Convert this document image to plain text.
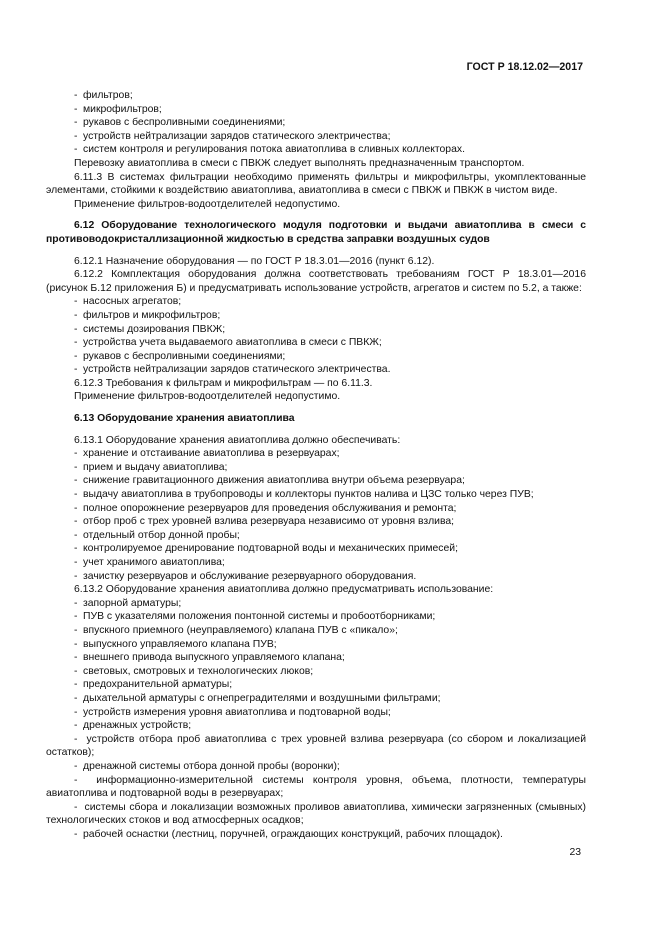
ГОСТ Р 18.12.02—2017
- фильтров;
- микрофильтров;
- рукавов с беспроливными соединениями;
- устройств нейтрализации зарядов статического электричества;
- систем контроля и регулирования потока авиатоплива в сливных коллекторах.
Перевозку авиатоплива в смеси с ПВКЖ следует выполнять предназначенным транспортом.
6.11.3 В системах фильтрации необходимо применять фильтры и микрофильтры, укомплектованные элементами, стойкими к воздействию авиатоплива, авиатоплива в смеси с ПВКЖ и ПВКЖ в чистом виде.
Применение фильтров-водоотделителей недопустимо.
6.12 Оборудование технологического модуля подготовки и выдачи авиатоплива в смеси с противоводокристаллизационной жидкостью в средства заправки воздушных судов
6.12.1 Назначение оборудования — по ГОСТ Р 18.3.01—2016 (пункт 6.12).
6.12.2 Комплектация оборудования должна соответствовать требованиям ГОСТ Р 18.3.01—2016 (рисунок Б.12 приложения Б) и предусматривать использование устройств, агрегатов и систем по 5.2, а также:
- насосных агрегатов;
- фильтров и микрофильтров;
- системы дозирования ПВКЖ;
- устройства учета выдаваемого авиатоплива в смеси с ПВКЖ;
- рукавов с беспроливными соединениями;
- устройств нейтрализации зарядов статического электричества.
6.12.3 Требования к фильтрам и микрофильтрам — по 6.11.3.
Применение фильтров-водоотделителей недопустимо.
6.13 Оборудование хранения авиатоплива
6.13.1 Оборудование хранения авиатоплива должно обеспечивать:
- хранение и отстаивание авиатоплива в резервуарах;
- прием и выдачу авиатоплива;
- снижение гравитационного движения авиатоплива внутри объема резервуара;
- выдачу авиатоплива в трубопроводы и коллекторы пунктов налива и ЦЗС только через ПУВ;
- полное опорожнение резервуаров для проведения обслуживания и ремонта;
- отбор проб с трех уровней взлива резервуара независимо от уровня взлива;
- отдельный отбор донной пробы;
- контролируемое дренирование подтоварной воды и механических примесей;
- учет хранимого авиатоплива;
- зачистку резервуаров и обслуживание резервуарного оборудования.
6.13.2 Оборудование хранения авиатоплива должно предусматривать использование:
- запорной арматуры;
- ПУВ с указателями положения понтонной системы и пробоотборниками;
- впускного приемного (неуправляемого) клапана ПУВ с «пикало»;
- выпускного управляемого клапана ПУВ;
- внешнего привода выпускного управляемого клапана;
- световых, смотровых и технологических люков;
- предохранительной арматуры;
- дыхательной арматуры с огнепреградителями и воздушными фильтрами;
- устройств измерения уровня авиатоплива и подтоварной воды;
- дренажных устройств;
-  устройств отбора проб авиатоплива с трех уровней взлива резервуара (со сбором и локализацией остатков);
- дренажной системы отбора донной пробы (воронки);
-  информационно-измерительной системы контроля уровня, объема, плотности, температуры авиатоплива и подтоварной воды в резервуарах;
-  системы сбора и локализации возможных проливов авиатоплива, химически загрязненных (смывных) технологических стоков и вод атмосферных осадков;
- рабочей оснастки (лестниц, поручней, ограждающих конструкций, рабочих площадок).
23
